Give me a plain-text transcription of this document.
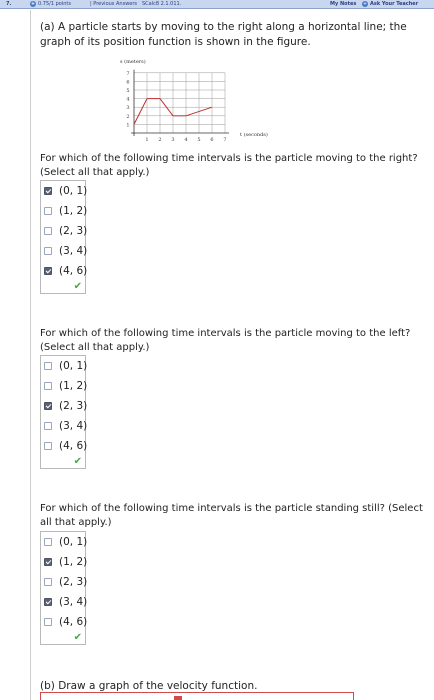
7.	+ 0.75/1 points	| Previous Answers SCalc8 2.1.011.	My Notes + Ask Your Teacher
(a) A particle starts by moving to the right along a horizontal line; the graph of its position function is shown in the figure.
s (meters)
t (seconds)
1
2
3
4
5
6
7
1 2 3 4 5 6 7
For which of the following time intervals is the particle moving to the right? (Select all that apply.)
(0, 1)
(1, 2)
(2, 3)
(3, 4)
(4, 6)
✔
For which of the following time intervals is the particle moving to the left? (Select all that apply.)
(0, 1)
(1, 2)
(2, 3)
(3, 4)
(4, 6)
✔
For which of the following time intervals is the particle standing still? (Select all that apply.)
(0, 1)
(1, 2)
(2, 3)
(3, 4)
(4, 6)
✔
(b) Draw a graph of the velocity function.
